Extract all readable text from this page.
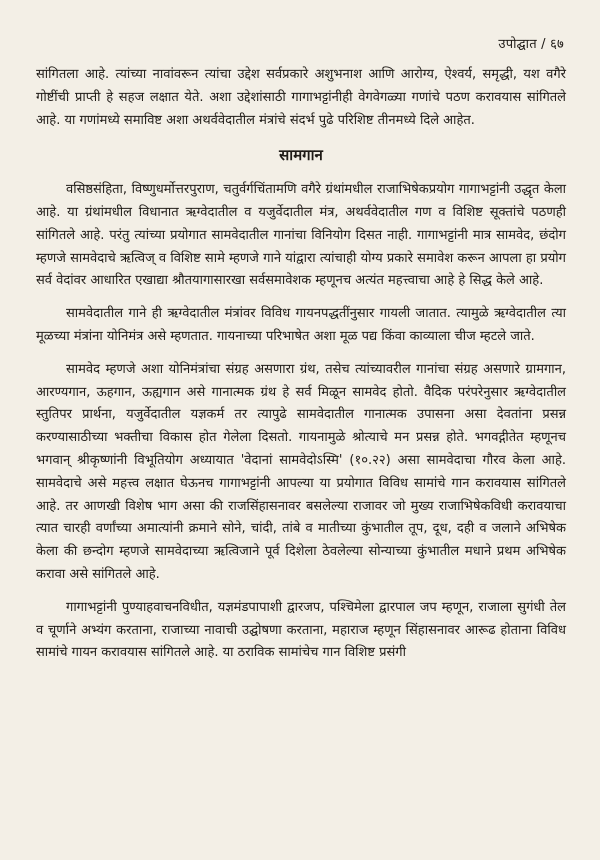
उपोद्घात / ६७

सांगितला आहे. त्यांच्या नावांवरून त्यांचा उद्देश सर्वप्रकारे अशुभनाश आणि आरोग्य, ऐश्वर्य, समृद्धी, यश वगैरे गोष्टींची प्राप्ती हे सहज लक्षात येते. अशा उद्देशांसाठी गागाभट्टांनीही वेगवेगळ्या गणांचे पठण करावयास सांगितले आहे. या गणांमध्ये समाविष्ट अशा अथर्ववेदातील मंत्रांचे संदर्भ पुढे परिशिष्ट तीनमध्ये दिले आहेत.

सामगान

वसिष्ठसंहिता, विष्णुधर्मोत्तरपुराण, चतुर्वर्गचिंतामणि वगैरे ग्रंथांमधील राजाभिषेकप्रयोग गागाभट्टांनी उद्धृत केला आहे. या ग्रंथांमधील विधानात ऋग्वेदातील व यजुर्वेदातील मंत्र, अथर्ववेदातील गण व विशिष्ट सूक्तांचे पठणही सांगितले आहे. परंतु त्यांच्या प्रयोगात सामवेदातील गानांचा विनियोग दिसत नाही. गागाभट्टांनी मात्र सामवेद, छंदोग म्हणजे सामवेदाचे ऋत्विज् व विशिष्ट सामे म्हणजे गाने यांद्वारा त्यांचाही योग्य प्रकारे समावेश करून आपला हा प्रयोग सर्व वेदांवर आधारित एखाद्या श्रौतयागासारखा सर्वसमावेशक म्हणूनच अत्यंत महत्त्वाचा आहे हे सिद्ध केले आहे.

सामवेदातील गाने ही ऋग्वेदातील मंत्रांवर विविध गायनपद्धतींनुसार गायली जातात. त्यामुळे ऋग्वेदातील त्या मूळच्या मंत्रांना योनिमंत्र असे म्हणतात. गायनाच्या परिभाषेत अशा मूळ पद्य किंवा काव्याला चीज म्हटले जाते.

सामवेद म्हणजे अशा योनिमंत्रांचा संग्रह असणारा ग्रंथ, तसेच त्यांच्यावरील गानांचा संग्रह असणारे ग्रामगान, आरण्यगान, ऊहगान, ऊह्यगान असे गानात्मक ग्रंथ हे सर्व मिळून सामवेद होतो. वैदिक परंपरेनुसार ऋग्वेदातील स्तुतिपर प्रार्थना, यजुर्वेदातील यज्ञकर्म तर त्यापुढे सामवेदातील गानात्मक उपासना असा देवतांना प्रसन्न करण्यासाठीच्या भक्तीचा विकास होत गेलेला दिसतो. गायनामुळे श्रोत्याचे मन प्रसन्न होते. भगवद्गीतेत म्हणूनच भगवान् श्रीकृष्णांनी विभूतियोग अध्यायात 'वेदानां सामवेदोऽस्मि' (१०.२२) असा सामवेदाचा गौरव केला आहे. सामवेदाचे असे महत्त्व लक्षात घेऊनच गागाभट्टांनी आपल्या या प्रयोगात विविध सामांचे गान करावयास सांगितले आहे. तर आणखी विशेष भाग असा की राजसिंहासनावर बसलेल्या राजावर जो मुख्य राजाभिषेकविधी करावयाचा त्यात चारही वर्णांच्या अमात्यांनी क्रमाने सोने, चांदी, तांबे व मातीच्या कुंभातील तूप, दूध, दही व जलाने अभिषेक केला की छन्दोग म्हणजे सामवेदाच्या ऋत्विजाने पूर्व दिशेला ठेवलेल्या सोन्याच्या कुंभातील मधाने प्रथम अभिषेक करावा असे सांगितले आहे.

गागाभट्टांनी पुण्याहवाचनविधीत, यज्ञमंडपापाशी द्वारजप, पश्चिमेला द्वारपाल जप म्हणून, राजाला सुगंधी तेल व चूर्णाने अभ्यंग करताना, राजाच्या नावाची उद्घोषणा करताना, महाराज म्हणून सिंहासनावर आरूढ होताना विविध सामांचे गायन करावयास सांगितले आहे. या ठराविक सामांचेच गान विशिष्ट प्रसंगी
